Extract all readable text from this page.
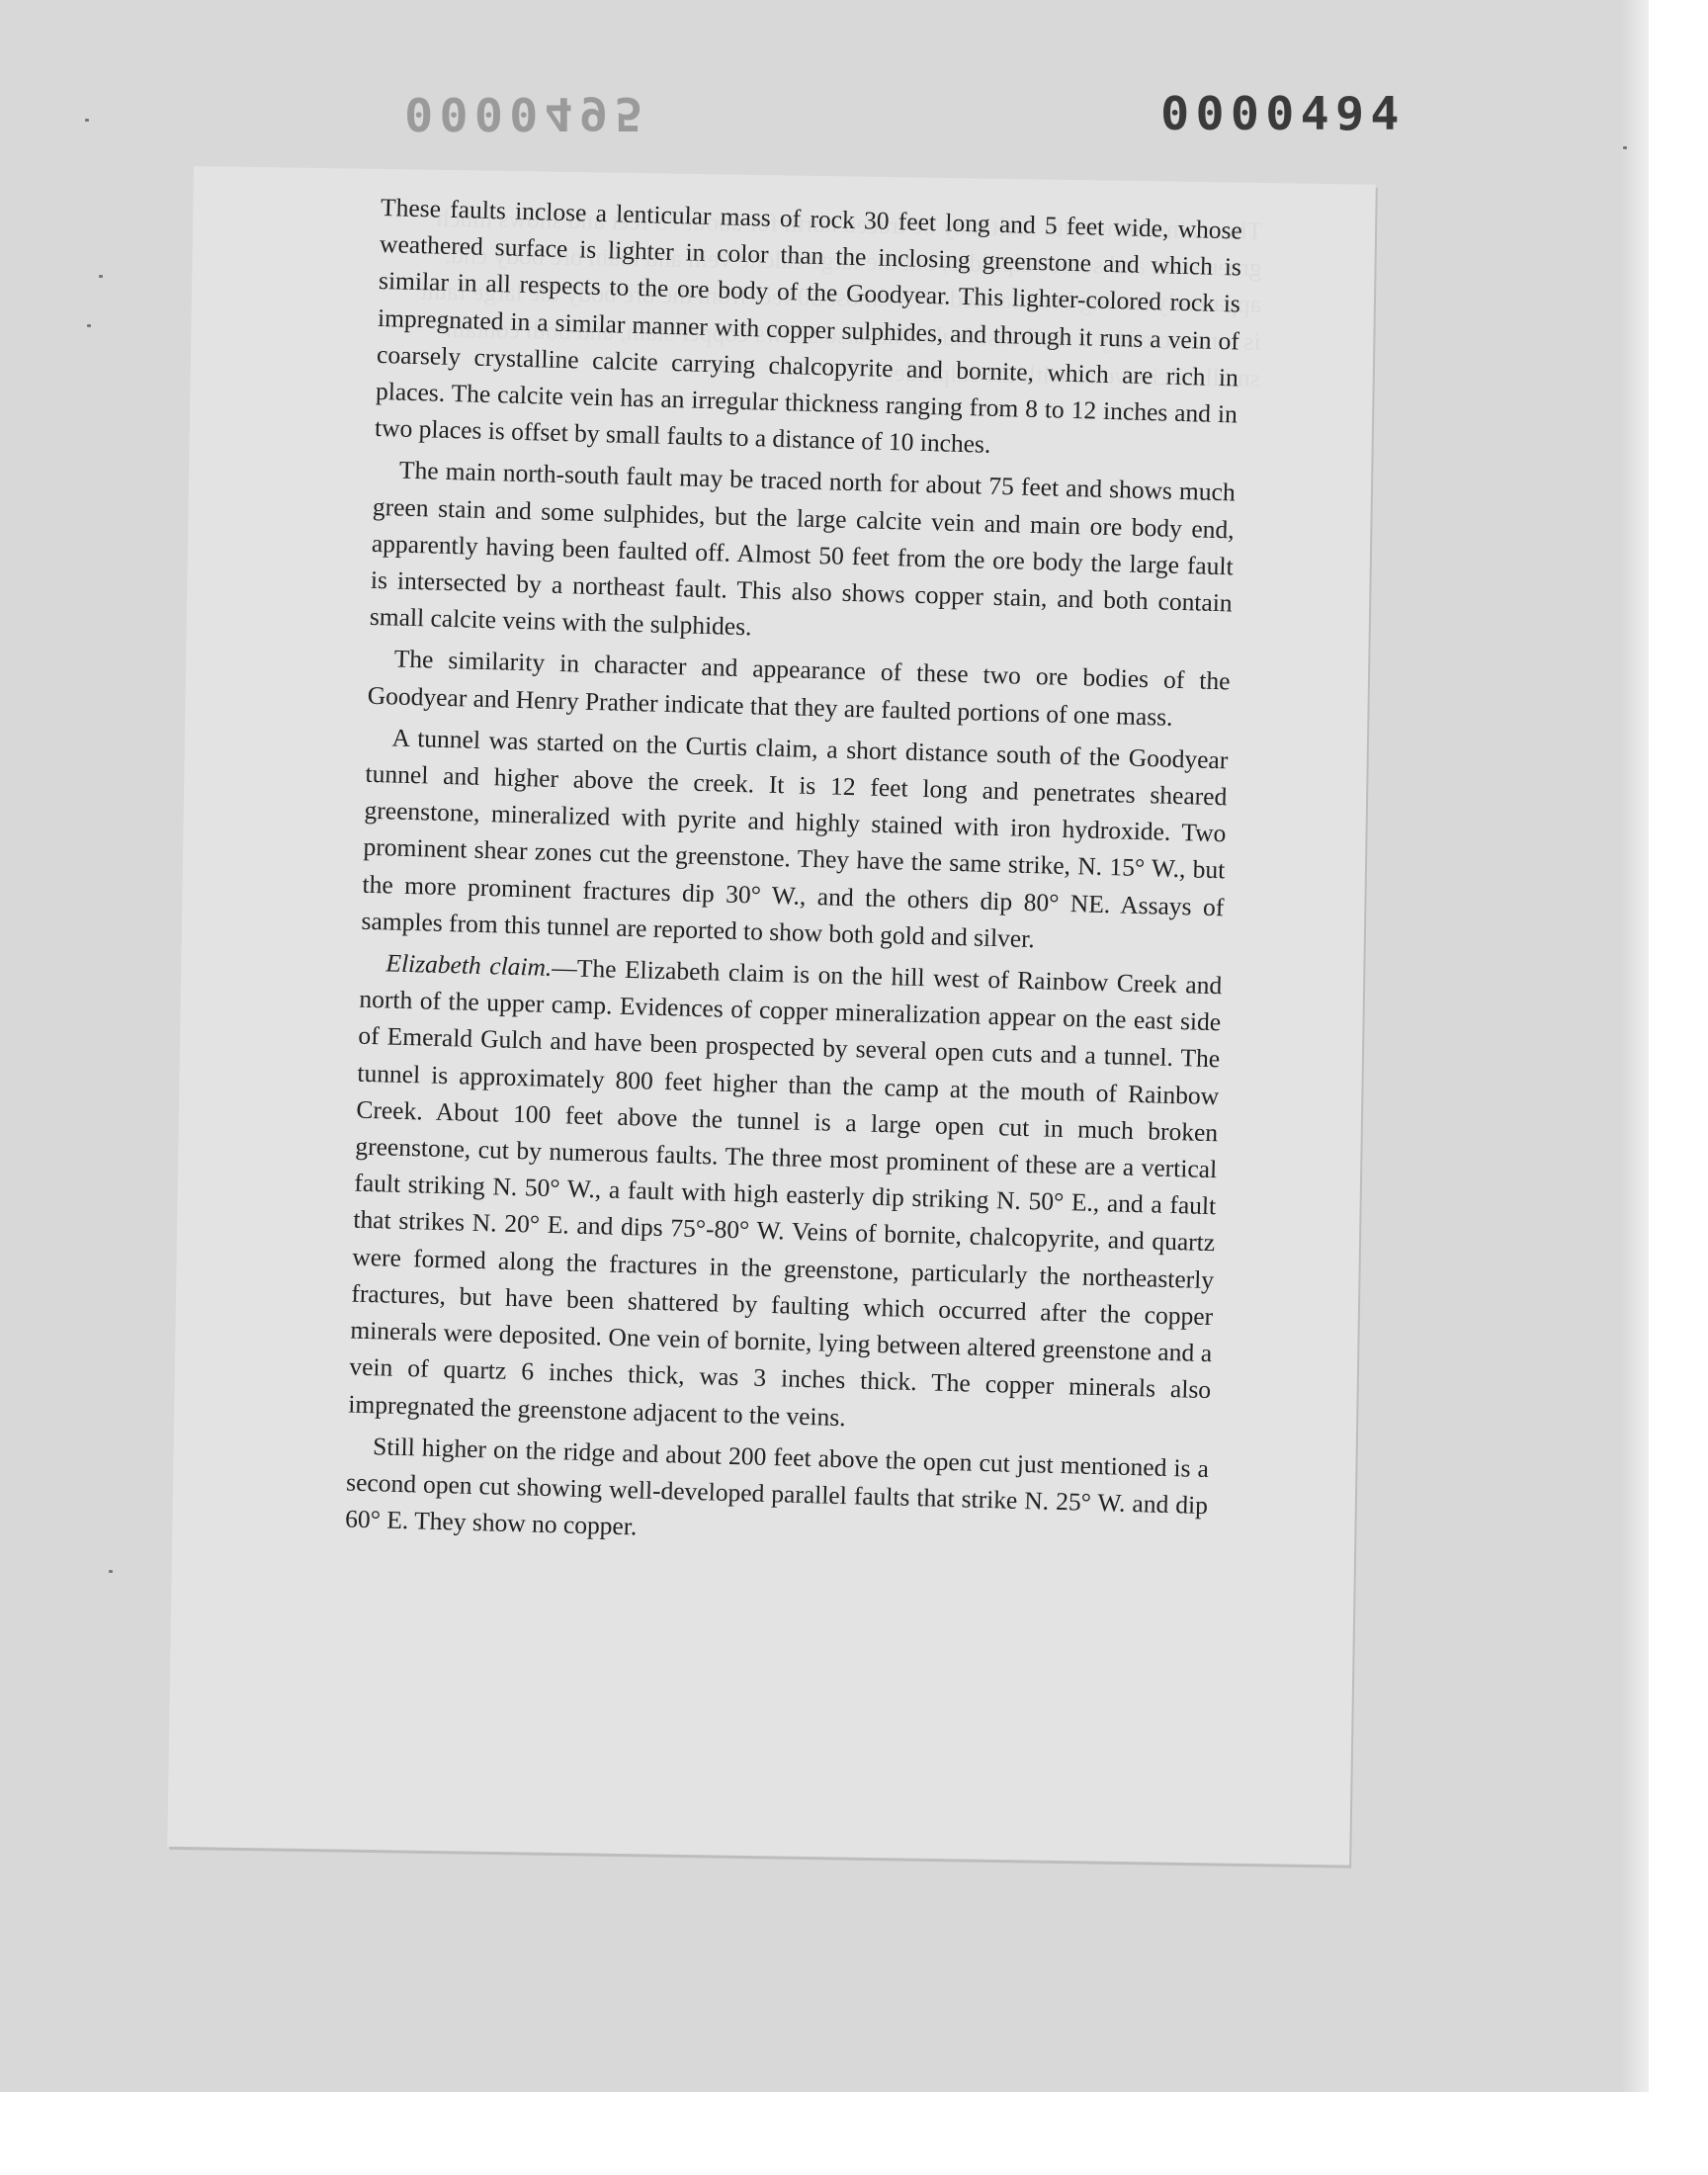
0000495	0000494

These faults inclose a lenticular mass of rock 30 feet long and 5 feet wide, whose weathered surface is lighter in color than the inclosing greenstone and which is similar in all respects to the ore body of the Goodyear. This lighter-colored rock is impregnated in a similar manner with copper sulphides, and through it runs a vein of coarsely crystalline calcite carrying chalcopyrite and bornite, which are rich in places. The calcite vein has an irregular thickness ranging from 8 to 12 inches and in two places is offset by small faults to a distance of 10 inches.

The main north-south fault may be traced north for about 75 feet and shows much green stain and some sulphides, but the large calcite vein and main ore body end, apparently having been faulted off. Almost 50 feet from the ore body the large fault is intersected by a northeast fault. This also shows copper stain, and both contain small calcite veins with the sulphides.

The similarity in character and appearance of these two ore bodies of the Goodyear and Henry Prather indicate that they are faulted portions of one mass.

A tunnel was started on the Curtis claim, a short distance south of the Goodyear tunnel and higher above the creek. It is 12 feet long and penetrates sheared greenstone, mineralized with pyrite and highly stained with iron hydroxide. Two prominent shear zones cut the greenstone. They have the same strike, N. 15° W., but the more prominent fractures dip 30° W., and the others dip 80° NE. Assays of samples from this tunnel are reported to show both gold and silver.

Elizabeth claim.—The Elizabeth claim is on the hill west of Rainbow Creek and north of the upper camp. Evidences of copper mineralization appear on the east side of Emerald Gulch and have been prospected by several open cuts and a tunnel. The tunnel is approximately 800 feet higher than the camp at the mouth of Rainbow Creek. About 100 feet above the tunnel is a large open cut in much broken greenstone, cut by numerous faults. The three most prominent of these are a vertical fault striking N. 50° W., a fault with high easterly dip striking N. 50° E., and a fault that strikes N. 20° E. and dips 75°-80° W. Veins of bornite, chalcopyrite, and quartz were formed along the fractures in the greenstone, particularly the northeasterly fractures, but have been shattered by faulting which occurred after the copper minerals were deposited. One vein of bornite, lying between altered greenstone and a vein of quartz 6 inches thick, was 3 inches thick. The copper minerals also impregnated the greenstone adjacent to the veins.

Still higher on the ridge and about 200 feet above the open cut just mentioned is a second open cut showing well-developed parallel faults that strike N. 25° W. and dip 60° E. They show no copper.
